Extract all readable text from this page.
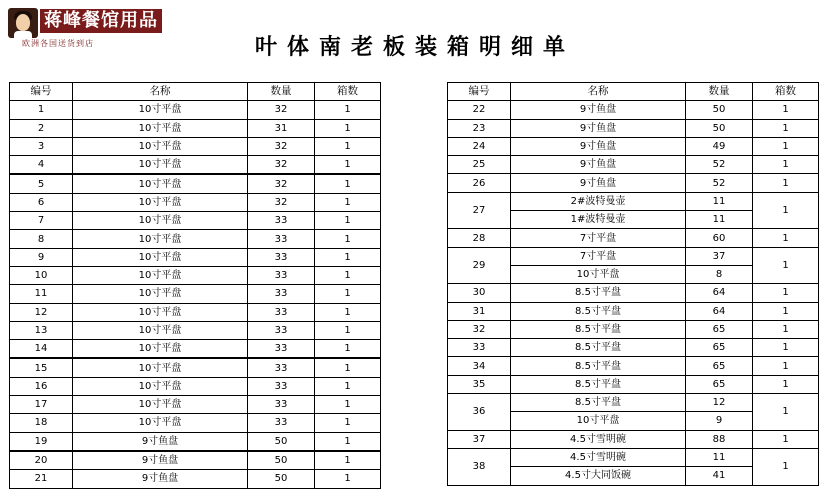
蒋峰餐馆用品
欧洲各国送货到店	叶体南老板装箱明细单
编号	名称	数量	箱数
1	10寸平盘	32	1
2	10寸平盘	31	1
3	10寸平盘	32	1
4	10寸平盘	32	1
5	10寸平盘	32	1
6	10寸平盘	32	1
7	10寸平盘	33	1
8	10寸平盘	33	1
9	10寸平盘	33	1
10	10寸平盘	33	1
11	10寸平盘	33	1
12	10寸平盘	33	1
13	10寸平盘	33	1
14	10寸平盘	33	1
15	10寸平盘	33	1
16	10寸平盘	33	1
17	10寸平盘	33	1
18	10寸平盘	33	1
19	9寸鱼盘	50	1
20	9寸鱼盘	50	1
21	9寸鱼盘	50	1
编号	名称	数量	箱数
22	9寸鱼盘	50	1
23	9寸鱼盘	50	1
24	9寸鱼盘	49	1
25	9寸鱼盘	52	1
26	9寸鱼盘	52	1
27	2#波特曼壶	11	1
	1#波特曼壶	11	
28	7寸平盘	60	1
29	7寸平盘	37	1
	10寸平盘	8	
30	8.5寸平盘	64	1
31	8.5寸平盘	64	1
32	8.5寸平盘	65	1
33	8.5寸平盘	65	1
34	8.5寸平盘	65	1
35	8.5寸平盘	65	1
36	8.5寸平盘	12	1
	10寸平盘	9	
37	4.5寸雪明碗	88	1
38	4.5寸雪明碗	11	1
	4.5寸大同饭碗	41	
